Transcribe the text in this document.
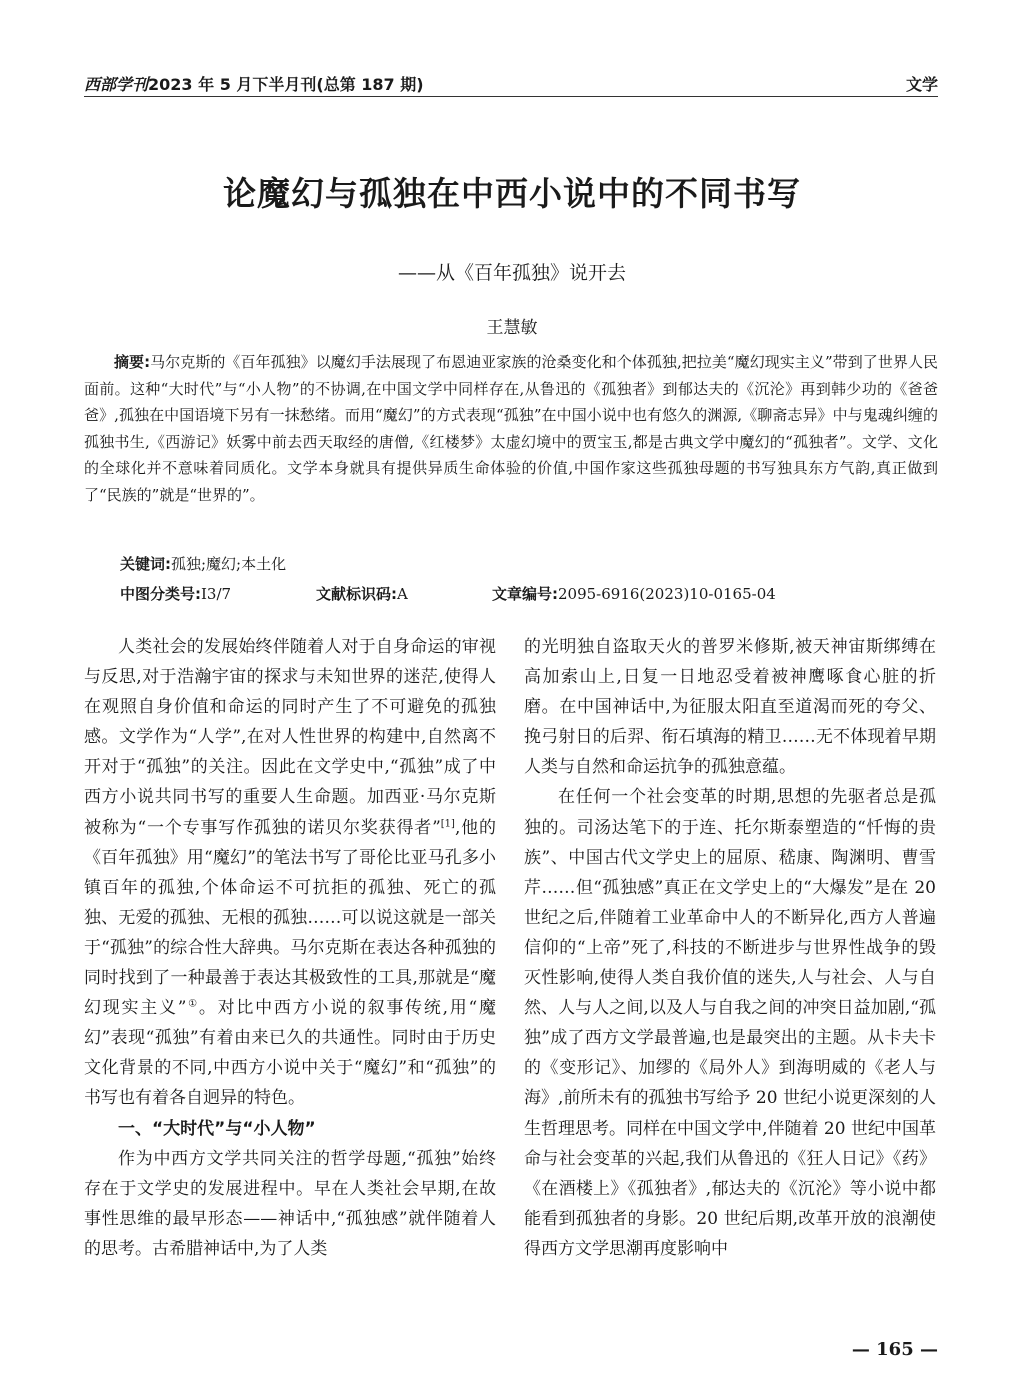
西部学刊2023 年 5 月下半月刊(总第 187 期)	文学
论魔幻与孤独在中西小说中的不同书写
——从《百年孤独》说开去
王慧敏
摘要:马尔克斯的《百年孤独》以魔幻手法展现了布恩迪亚家族的沧桑变化和个体孤独,把拉美“魔幻现实主义”带到了世界人民面前。这种“大时代”与“小人物”的不协调,在中国文学中同样存在,从鲁迅的《孤独者》到郁达夫的《沉沦》再到韩少功的《爸爸爸》,孤独在中国语境下另有一抹愁绪。而用“魔幻”的方式表现“孤独”在中国小说中也有悠久的渊源,《聊斋志异》中与鬼魂纠缠的孤独书生,《西游记》妖雾中前去西天取经的唐僧,《红楼梦》太虚幻境中的贾宝玉,都是古典文学中魔幻的“孤独者”。文学、文化的全球化并不意味着同质化。文学本身就具有提供异质生命体验的价值,中国作家这些孤独母题的书写独具东方气韵,真正做到了“民族的”就是“世界的”。
关键词:孤独;魔幻;本土化
中图分类号:I3/7	文献标识码:A	文章编号:2095-6916(2023)10-0165-04

人类社会的发展始终伴随着人对于自身命运的审视与反思,对于浩瀚宇宙的探求与未知世界的迷茫,使得人在观照自身价值和命运的同时产生了不可避免的孤独感。文学作为“人学”,在对人性世界的构建中,自然离不开对于“孤独”的关注。因此在文学史中,“孤独”成了中西方小说共同书写的重要人生命题。加西亚·马尔克斯被称为“一个专事写作孤独的诺贝尔奖获得者”[1],他的《百年孤独》用“魔幻”的笔法书写了哥伦比亚马孔多小镇百年的孤独,个体命运不可抗拒的孤独、死亡的孤独、无爱的孤独、无根的孤独……可以说这就是一部关于“孤独”的综合性大辞典。马尔克斯在表达各种孤独的同时找到了一种最善于表达其极致性的工具,那就是“魔幻现实主义”①。对比中西方小说的叙事传统,用“魔幻”表现“孤独”有着由来已久的共通性。同时由于历史文化背景的不同,中西方小说中关于“魔幻”和“孤独”的书写也有着各自迥异的特色。

一、“大时代”与“小人物”

作为中西方文学共同关注的哲学母题,“孤独”始终存在于文学史的发展进程中。早在人类社会早期,在故事性思维的最早形态——神话中,“孤独感”就伴随着人的思考。古希腊神话中,为了人类

的光明独自盗取天火的普罗米修斯,被天神宙斯绑缚在高加索山上,日复一日地忍受着被神鹰啄食心脏的折磨。在中国神话中,为征服太阳直至道渴而死的夸父、挽弓射日的后羿、衔石填海的精卫……无不体现着早期人类与自然和命运抗争的孤独意蕴。

在任何一个社会变革的时期,思想的先驱者总是孤独的。司汤达笔下的于连、托尔斯泰塑造的“忏悔的贵族”、中国古代文学史上的屈原、嵇康、陶渊明、曹雪芹……但“孤独感”真正在文学史上的“大爆发”是在 20 世纪之后,伴随着工业革命中人的不断异化,西方人普遍信仰的“上帝”死了,科技的不断进步与世界性战争的毁灭性影响,使得人类自我价值的迷失,人与社会、人与自然、人与人之间,以及人与自我之间的冲突日益加剧,“孤独”成了西方文学最普遍,也是最突出的主题。从卡夫卡的《变形记》、加缪的《局外人》到海明威的《老人与海》,前所未有的孤独书写给予 20 世纪小说更深刻的人生哲理思考。同样在中国文学中,伴随着 20 世纪中国革命与社会变革的兴起,我们从鲁迅的《狂人日记》《药》《在酒楼上》《孤独者》,郁达夫的《沉沦》等小说中都能看到孤独者的身影。20 世纪后期,改革开放的浪潮使得西方文学思潮再度影响中

— 165 —
